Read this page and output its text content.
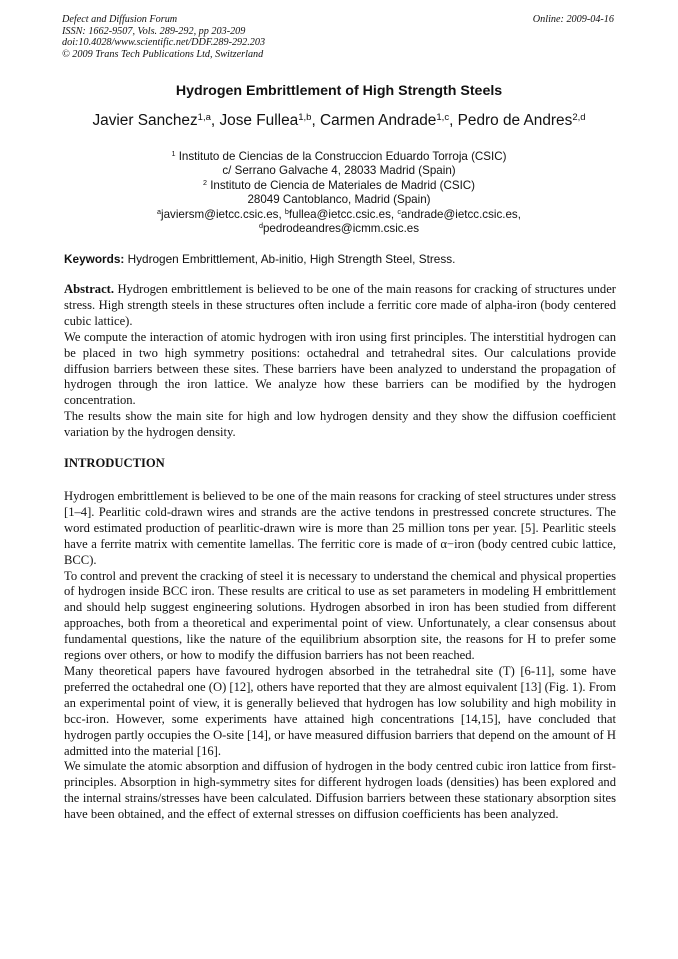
Defect and Diffusion Forum
ISSN: 1662-9507, Vols. 289-292, pp 203-209
doi:10.4028/www.scientific.net/DDF.289-292.203
© 2009 Trans Tech Publications Ltd, Switzerland
Online: 2009-04-16
Hydrogen Embrittlement of High Strength Steels
Javier Sanchez$^{1,a}$, Jose Fullea$^{1,b}$, Carmen Andrade$^{1,c}$, Pedro de Andres$^{2,d}$
$^1$ Instituto de Ciencias de la Construccion Eduardo Torroja (CSIC)
c/ Serrano Galvache 4, 28033 Madrid (Spain)
$^2$ Instituto de Ciencia de Materiales de Madrid (CSIC)
28049 Cantoblanco, Madrid (Spain)
$^a$javiersm@ietcc.csic.es, $^b$fullea@ietcc.csic.es, $^c$andrade@ietcc.csic.es,
$^d$pedrodeandres@icmm.csic.es
Keywords: Hydrogen Embrittlement, Ab-initio, High Strength Steel, Stress.

Abstract. Hydrogen embrittlement is believed to be one of the main reasons for cracking of structures under stress. High strength steels in these structures often include a ferritic core made of alpha-iron (body centered cubic lattice).

We compute the interaction of atomic hydrogen with iron using first principles. The interstitial hydrogen can be placed in two high symmetry positions: octahedral and tetrahedral sites. Our calculations provide diffusion barriers between these sites. These barriers have been analyzed to understand the propagation of hydrogen through the iron lattice. We analyze how these barriers can be modified by the hydrogen concentration.

The results show the main site for high and low hydrogen density and they show the diffusion coefficient variation by the hydrogen density.

INTRODUCTION

Hydrogen embrittlement is believed to be one of the main reasons for cracking of steel structures under stress [1–4]. Pearlitic cold-drawn wires and strands are the active tendons in prestressed concrete structures. The word estimated production of pearlitic-drawn wire is more than 25 million tons per year. [5]. Pearlitic steels have a ferrite matrix with cementite lamellas. The ferritic core is made of α−iron (body centred cubic lattice, BCC).

To control and prevent the cracking of steel it is necessary to understand the chemical and physical properties of hydrogen inside BCC iron. These results are critical to use as set parameters in modeling H embrittlement and should help suggest engineering solutions. Hydrogen absorbed in iron has been studied from different approaches, both from a theoretical and experimental point of view. Unfortunately, a clear consensus about fundamental questions, like the nature of the equilibrium absorption site, the reasons for H to prefer some regions over others, or how to modify the diffusion barriers has not been reached.

Many theoretical papers have favoured hydrogen absorbed in the tetrahedral site (T) [6-11], some have preferred the octahedral one (O) [12], others have reported that they are almost equivalent [13] (Fig. 1). From an experimental point of view, it is generally believed that hydrogen has low solubility and high mobility in bcc-iron. However, some experiments have attained high concentrations [14,15], have concluded that hydrogen partly occupies the O-site [14], or have measured diffusion barriers that depend on the amount of H admitted into the material [16].

We simulate the atomic absorption and diffusion of hydrogen in the body centred cubic iron lattice from first-principles. Absorption in high-symmetry sites for different hydrogen loads (densities) has been explored and the internal strains/stresses have been calculated. Diffusion barriers between these stationary absorption sites have been obtained, and the effect of external stresses on diffusion coefficients has been analyzed.
